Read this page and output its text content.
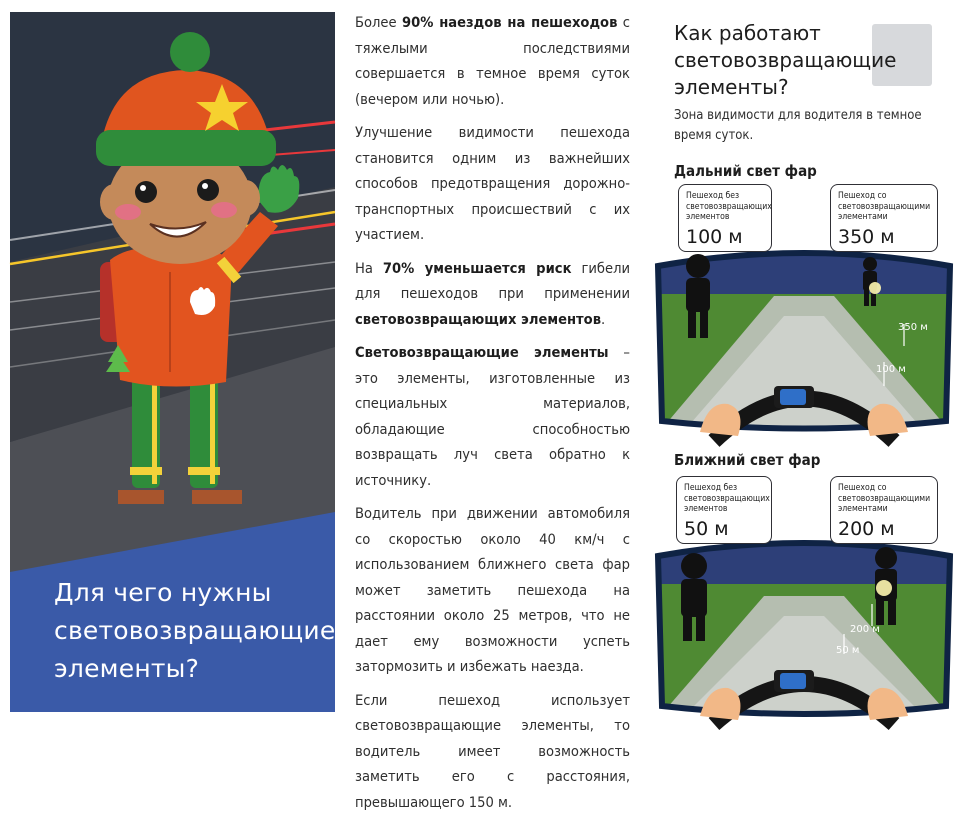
Для чего нужны
световозвращающие
элементы?

Более 90% наездов на пешеходов с тяжелыми последствиями совершается в темное время суток (вечером или ночью).

Улучшение видимости пешехода становится одним из важнейших способов предотвращения дорожно-транспортных происшествий с их участием.

На 70% уменьшается риск гибели для пешеходов при применении световозвращающих элементов.

Световозвращающие элементы – это элементы, изготовленные из специальных материалов, обладающие способностью возвращать луч света обратно к источнику.

Водитель при движении автомобиля со скоростью около 40 км/ч с использованием ближнего света фар может заметить пешехода на расстоянии около 25 метров, что не дает ему возможности успеть затормозить и избежать наезда.

Если пешеход использует световозвращающие элементы, то водитель имеет возможность заметить его с расстояния, превышающего 150 м.

Как работают
световозвращающие
элементы?
Зона видимости для водителя в темное время суток.
Дальний свет фар
350 м
100 м
Пешеход без световозвращающих элементов
100 м
Пешеход со световозвращающими элементами
350 м
Ближний свет фар
200 м
50 м
Пешеход без световозвращающих элементов
50 м
Пешеход со световозвращающими элементами
200 м
